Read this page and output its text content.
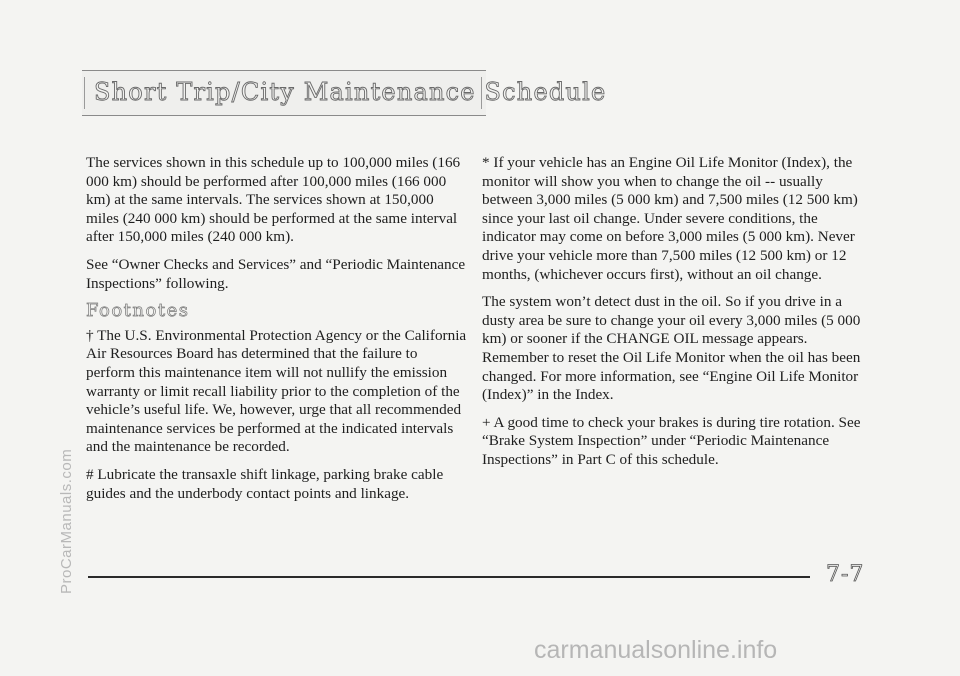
Short Trip/City Maintenance Schedule

The services shown in this schedule up to 100,000 miles (166 000 km) should be performed after 100,000 miles (166 000 km) at the same intervals. The services shown at 150,000 miles (240 000 km) should be performed at the same interval after 150,000 miles (240 000 km).

See “Owner Checks and Services” and “Periodic Maintenance Inspections” following.

Footnotes

† The U.S. Environmental Protection Agency or the California Air Resources Board has determined that the failure to perform this maintenance item will not nullify the emission warranty or limit recall liability prior to the completion of the vehicle’s useful life. We, however, urge that all recommended maintenance services be performed at the indicated intervals and the maintenance be recorded.

# Lubricate the transaxle shift linkage, parking brake cable guides and the underbody contact points and linkage.

* If your vehicle has an Engine Oil Life Monitor (Index), the monitor will show you when to change the oil -- usually between 3,000 miles (5 000 km) and 7,500 miles (12 500 km) since your last oil change. Under severe conditions, the indicator may come on before 3,000 miles (5 000 km). Never drive your vehicle more than 7,500 miles (12 500 km) or 12 months, (whichever occurs first), without an oil change.

The system won’t detect dust in the oil. So if you drive in a dusty area be sure to change your oil every 3,000 miles (5 000 km) or sooner if the CHANGE OIL message appears. Remember to reset the Oil Life Monitor when the oil has been changed. For more information, see “Engine Oil Life Monitor (Index)” in the Index.

+ A good time to check your brakes is during tire rotation. See “Brake System Inspection” under “Periodic Maintenance Inspections” in Part C of this schedule.

7-7
ProCarManuals.com
carmanualsonline.info
